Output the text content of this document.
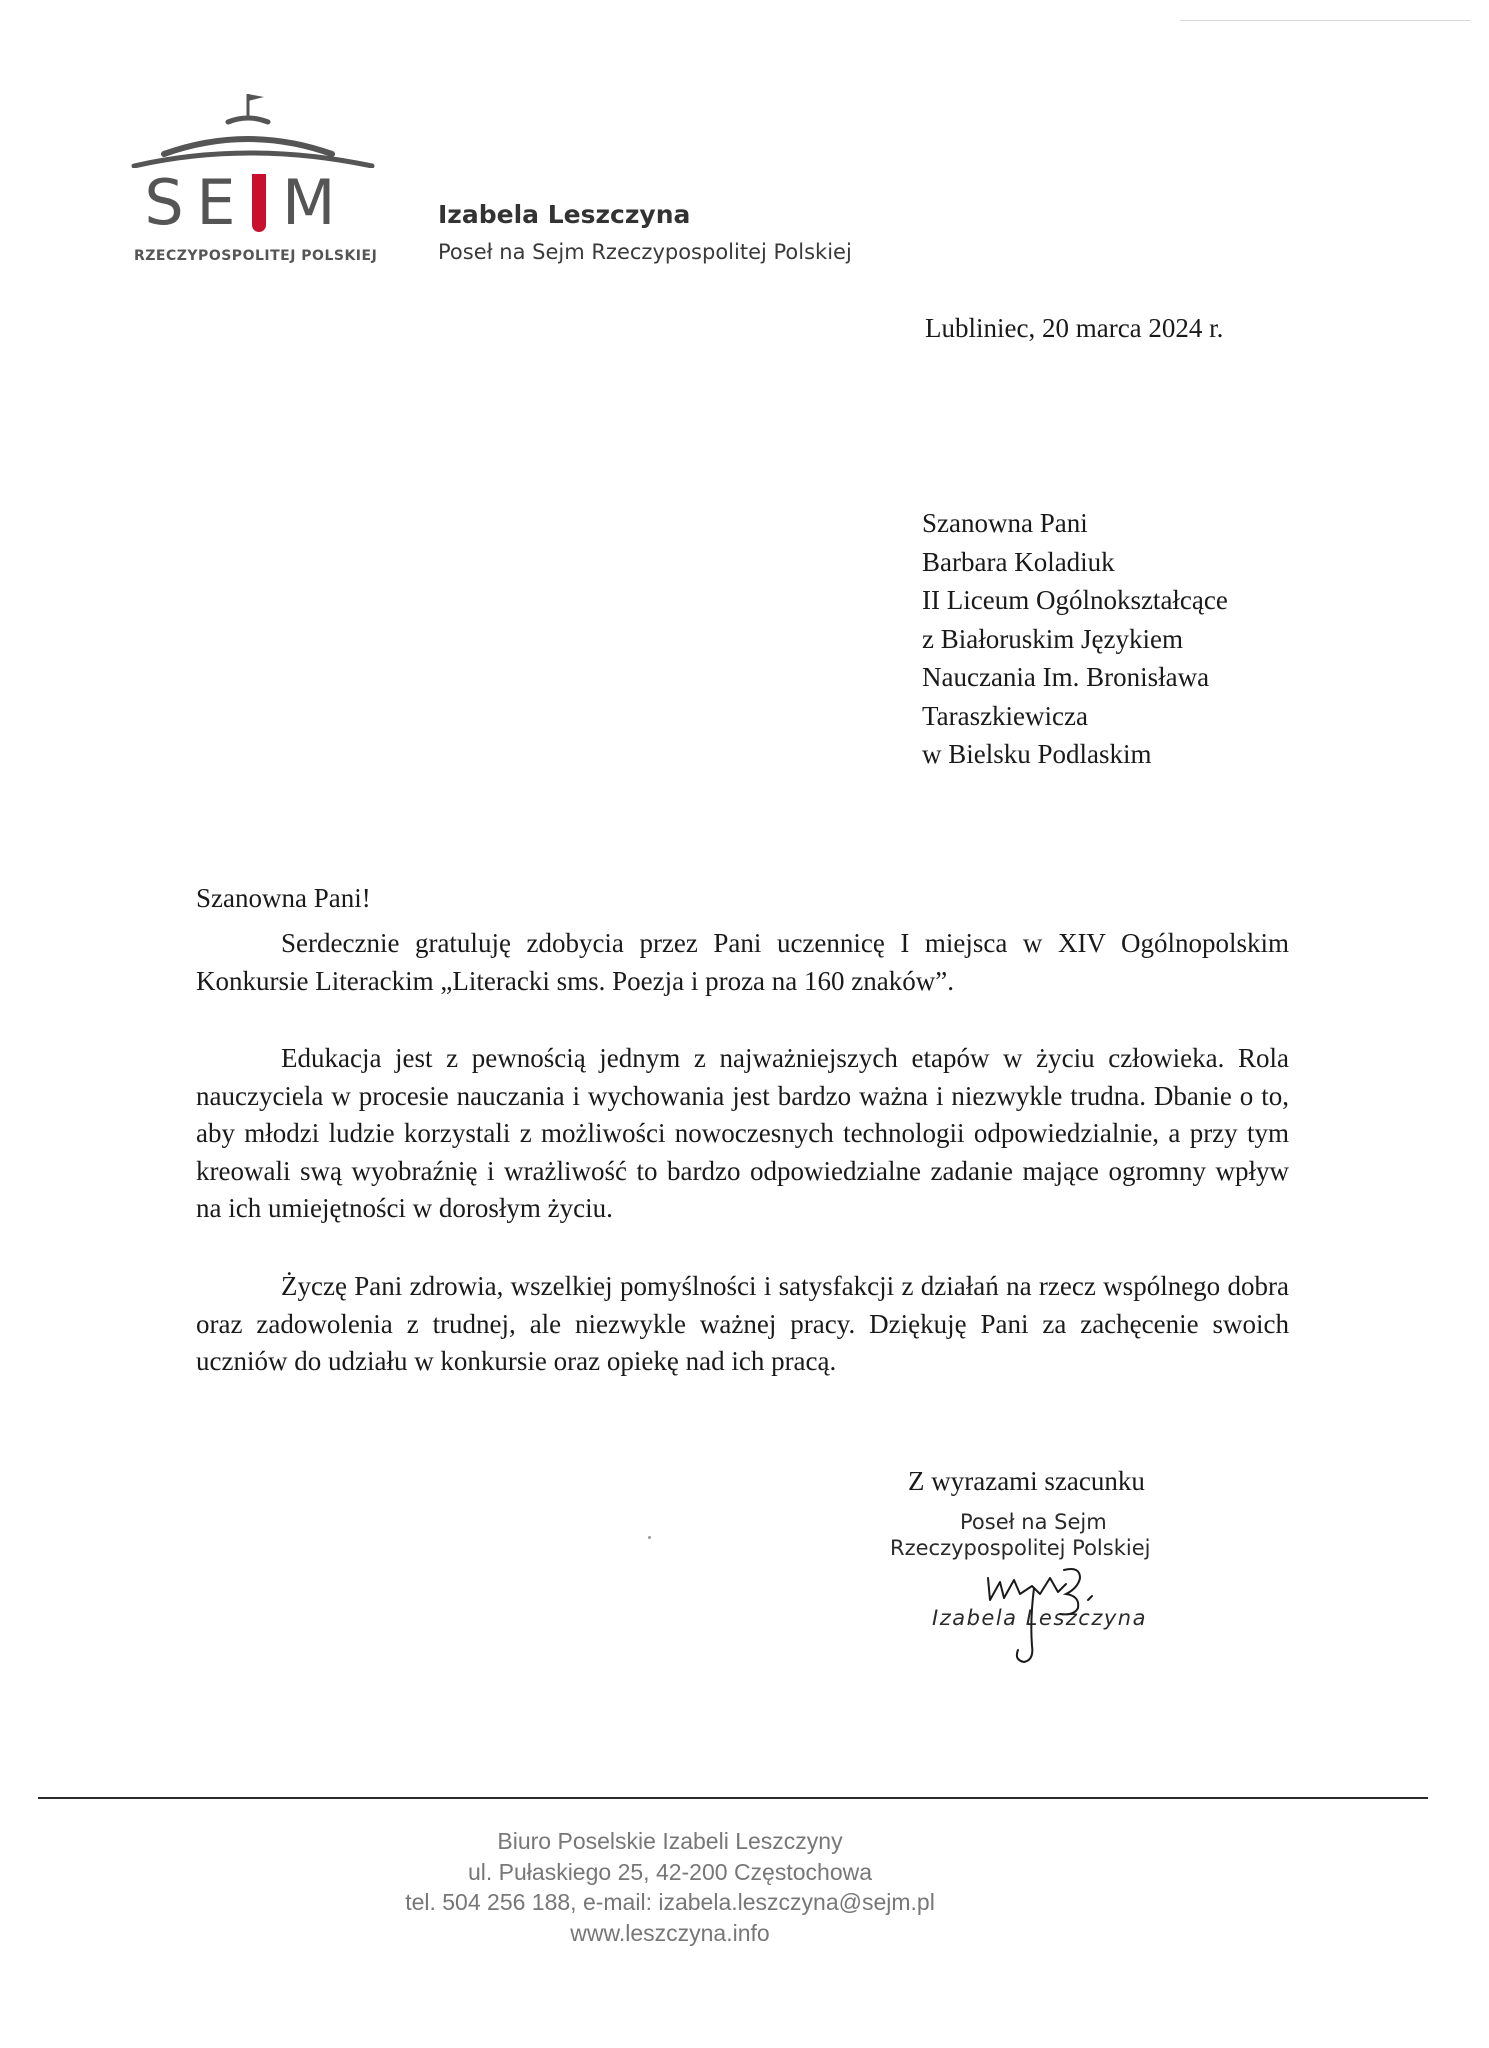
S E M
RZECZYPOSPOLITEJ POLSKIEJ
Izabela Leszczyna
Poseł na Sejm Rzeczypospolitej Polskiej
Lubliniec, 20 marca 2024 r.
Szanowna Pani
Barbara Koladiuk
II Liceum Ogólnokształcące
z Białoruskim Językiem
Nauczania Im. Bronisława
Taraszkiewicza
w Bielsku Podlaskim
Szanowna Pani!

Serdecznie gratuluję zdobycia przez Pani uczennicę I miejsca w XIV Ogólnopolskim Konkursie Literackim „Literacki sms. Poezja i proza na 160 znaków”.

Edukacja jest z pewnością jednym z najważniejszych etapów w życiu człowieka. Rola nauczyciela w procesie nauczania i wychowania jest bardzo ważna i niezwykle trudna. Dbanie o to, aby młodzi ludzie korzystali z możliwości nowoczesnych technologii odpowiedzialnie, a przy tym kreowali swą wyobraźnię i wrażliwość to bardzo odpowiedzialne zadanie mające ogromny wpływ na ich umiejętności w dorosłym życiu.

Życzę Pani zdrowia, wszelkiej pomyślności i satysfakcji z działań na rzecz wspólnego dobra oraz zadowolenia z trudnej, ale niezwykle ważnej pracy. Dziękuję Pani za zachęcenie swoich uczniów do udziału w konkursie oraz opiekę nad ich pracą.

Z wyrazami szacunku
Poseł na Sejm
Rzeczypospolitej Polskiej
Izabela Leszczyna
Biuro Poselskie Izabeli Leszczyny
ul. Pułaskiego 25, 42-200 Częstochowa
tel. 504 256 188, e-mail: izabela.leszczyna@sejm.pl
www.leszczyna.info
